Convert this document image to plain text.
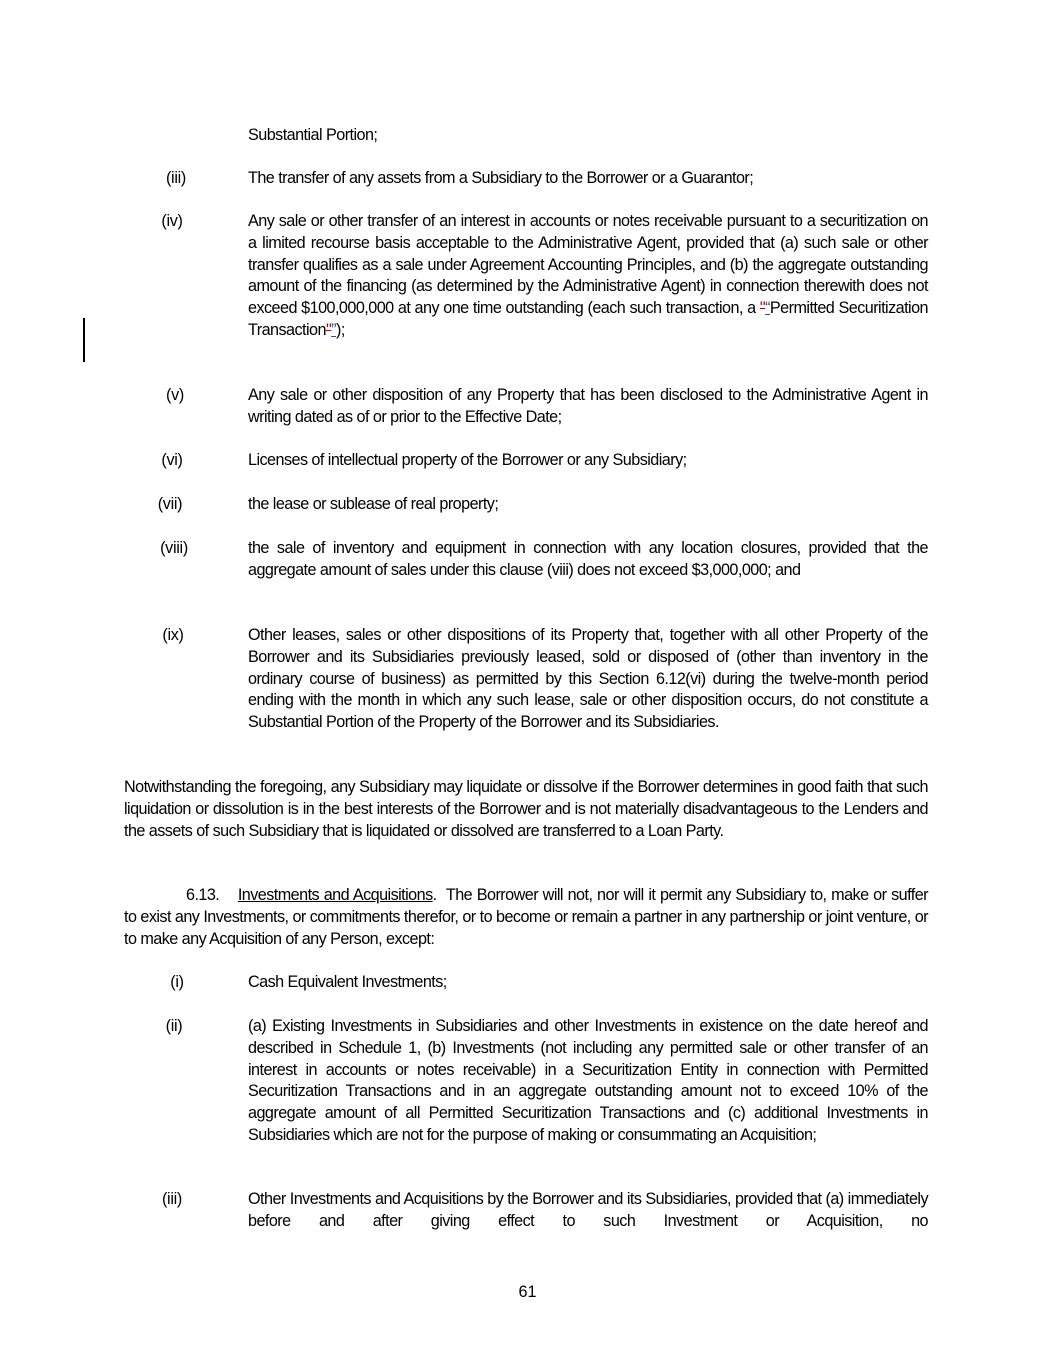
Substantial Portion;
(iii)	The transfer of any assets from a Subsidiary to the Borrower or a Guarantor;
(iv)	Any sale or other transfer of an interest in accounts or notes receivable pursuant to a securitization on a limited recourse basis acceptable to the Administrative Agent, provided that (a) such sale or other transfer qualifies as a sale under Agreement Accounting Principles, and (b) the aggregate outstanding amount of the financing (as determined by the Administrative Agent) in connection therewith does not exceed $100,000,000 at any one time outstanding (each such transaction, a "“Permitted Securitization Transaction"”);
(v)	Any sale or other disposition of any Property that has been disclosed to the Administrative Agent in writing dated as of or prior to the Effective Date;
(vi)	Licenses of intellectual property of the Borrower or any Subsidiary;
(vii)	the lease or sublease of real property;
(viii)	the sale of inventory and equipment in connection with any location closures, provided that the aggregate amount of sales under this clause (viii) does not exceed $3,000,000; and
(ix)	Other leases, sales or other dispositions of its Property that, together with all other Property of the Borrower and its Subsidiaries previously leased, sold or disposed of (other than inventory in the ordinary course of business) as permitted by this Section 6.12(vi) during the twelve-month period ending with the month in which any such lease, sale or other disposition occurs, do not constitute a Substantial Portion of the Property of the Borrower and its Subsidiaries.
Notwithstanding the foregoing, any Subsidiary may liquidate or dissolve if the Borrower determines in good faith that such liquidation or dissolution is in the best interests of the Borrower and is not materially disadvantageous to the Lenders and the assets of such Subsidiary that is liquidated or dissolved are transferred to a Loan Party.
6.13. Investments and Acquisitions. The Borrower will not, nor will it permit any Subsidiary to, make or suffer to exist any Investments, or commitments therefor, or to become or remain a partner in any partnership or joint venture, or to make any Acquisition of any Person, except:
(i)	Cash Equivalent Investments;
(ii)	(a) Existing Investments in Subsidiaries and other Investments in existence on the date hereof and described in Schedule 1, (b) Investments (not including any permitted sale or other transfer of an interest in accounts or notes receivable) in a Securitization Entity in connection with Permitted Securitization Transactions and in an aggregate outstanding amount not to exceed 10% of the aggregate amount of all Permitted Securitization Transactions and (c) additional Investments in Subsidiaries which are not for the purpose of making or consummating an Acquisition;
(iii)	Other Investments and Acquisitions by the Borrower and its Subsidiaries, provided that (a) immediately before and after giving effect to such Investment or Acquisition, no
61
